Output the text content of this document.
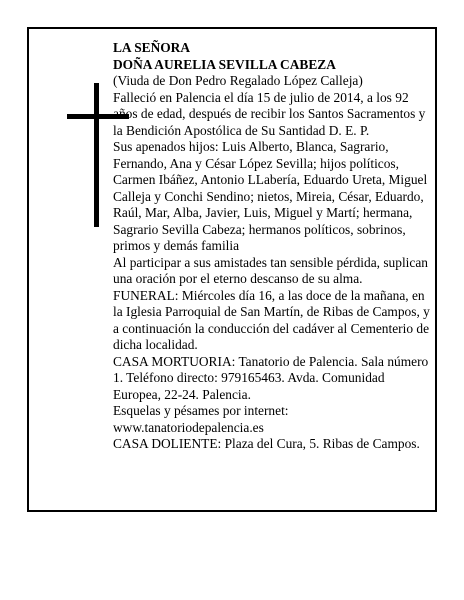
LA SEÑORA

DOÑA AURELIA SEVILLA CABEZA

(Viuda de Don Pedro Regalado López Calleja)

Falleció en Palencia el día 15 de julio de 2014, a los 92 años de edad, después de recibir los Santos Sacramentos y la Bendición Apostólica de Su Santidad D. E. P.

Sus apenados hijos: Luis Alberto, Blanca, Sagrario, Fernando, Ana y César López Sevilla; hijos políticos, Carmen Ibáñez, Antonio LLabería, Eduardo Ureta, Miguel Calleja y Conchi Sendino; nietos, Mireia, César, Eduardo, Raúl, Mar, Alba, Javier, Luis, Miguel y Martí; hermana, Sagrario Sevilla Cabeza; hermanos políticos, sobrinos, primos y demás familia

Al participar a sus amistades tan sensible pérdida, suplican una oración por el eterno descanso de su alma.

FUNERAL: Miércoles día 16, a las doce de la mañana, en la Iglesia Parroquial de San Martín, de Ribas de Campos, y a continuación la conducción del cadáver al Cementerio de dicha localidad.

CASA MORTUORIA: Tanatorio de Palencia. Sala número 1. Teléfono directo: 979165463. Avda. Comunidad Europea, 22-24. Palencia.

Esquelas y pésames por internet: www.tanatoriodepalencia.es

CASA DOLIENTE: Plaza del Cura, 5. Ribas de Campos.
